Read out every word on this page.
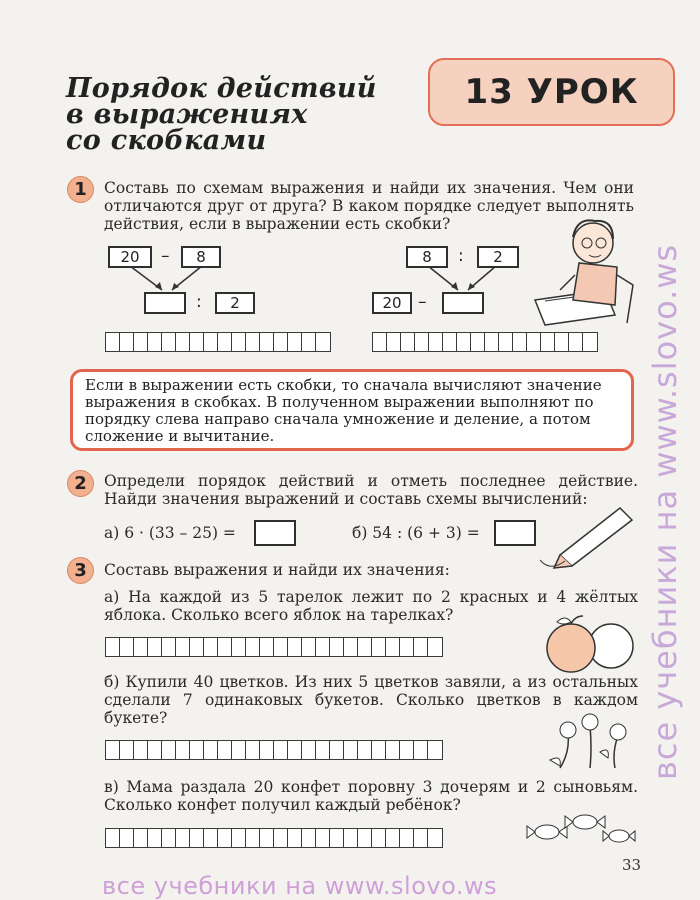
Порядок действий
в выражениях
со скобками
13 УРОК
1	Составь по схемам выражения и найди их значения. Чем они отличаются друг от друга? В каком порядке следует выполнять действия, если в выражении есть скобки?
20	–	8
:	2
8	:	2
20 –
Если в выражении есть скобки, то сначала вычисляют значение выражения в скобках. В полученном выражении выполняют по порядку слева направо сначала умножение и деление, а потом сложение и вычитание.
2	Определи порядок действий и отметь последнее действие. Найди значения выражений и составь схемы вычислений:
а) 6 · (33 – 25) =	б) 54 : (6 + 3) =
3	Составь выражения и найди их значения:
а) На каждой из 5 тарелок лежит по 2 красных и 4 жёлтых яблока. Сколько всего яблок на тарелках?
б) Купили 40 цветков. Из них 5 цветков завяли, а из остальных сделали 7 одинаковых букетов. Сколько цветков в каждом букете?
в) Мама раздала 20 конфет поровну 3 дочерям и 2 сыновьям. Сколько конфет получил каждый ребёнок?
33
все учебники на www.slovo.ws
все учебники на www.slovo.ws
